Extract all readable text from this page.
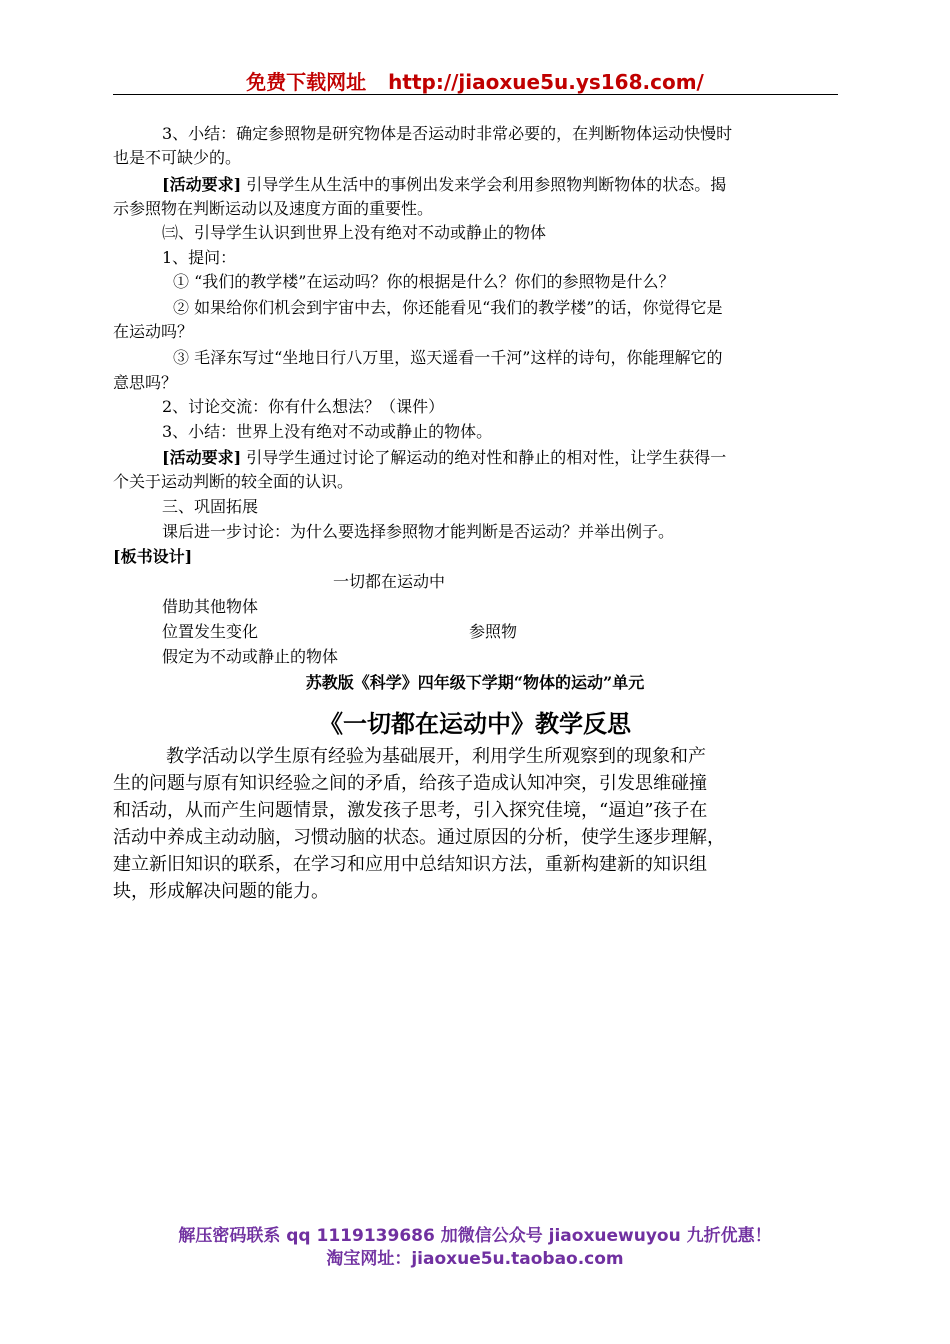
免费下载网址 http://jiaoxue5u.ys168.com/
3、小结：确定参照物是研究物体是否运动时非常必要的，在判断物体运动快慢时
也是不可缺少的。
[活动要求] 引导学生从生活中的事例出发来学会利用参照物判断物体的状态。揭
示参照物在判断运动以及速度方面的重要性。
㈢、引导学生认识到世界上没有绝对不动或静止的物体
1、提问：
① “我们的教学楼”在运动吗？你的根据是什么？你们的参照物是什么？
② 如果给你们机会到宇宙中去，你还能看见“我们的教学楼”的话，你觉得它是
在运动吗？
③ 毛泽东写过“坐地日行八万里，巡天遥看一千河”这样的诗句，你能理解它的
意思吗？
2、讨论交流：你有什么想法？（课件）
3、小结：世界上没有绝对不动或静止的物体。
[活动要求] 引导学生通过讨论了解运动的绝对性和静止的相对性，让学生获得一
个关于运动判断的较全面的认识。
三、巩固拓展
课后进一步讨论：为什么要选择参照物才能判断是否运动？并举出例子。
[板书设计]
一切都在运动中
借助其他物体
位置发生变化	参照物
假定为不动或静止的物体
苏教版《科学》四年级下学期“物体的运动”单元
《一切都在运动中》教学反思
教学活动以学生原有经验为基础展开，利用学生所观察到的现象和产
生的问题与原有知识经验之间的矛盾，给孩子造成认知冲突，引发思维碰撞
和活动，从而产生问题情景，激发孩子思考，引入探究佳境，“逼迫”孩子在
活动中养成主动动脑，习惯动脑的状态。通过原因的分析，使学生逐步理解，
建立新旧知识的联系，在学习和应用中总结知识方法，重新构建新的知识组
块，形成解决问题的能力。
解压密码联系 qq 1119139686 加微信公众号 jiaoxuewuyou 九折优惠！
淘宝网址：jiaoxue5u.taobao.com
